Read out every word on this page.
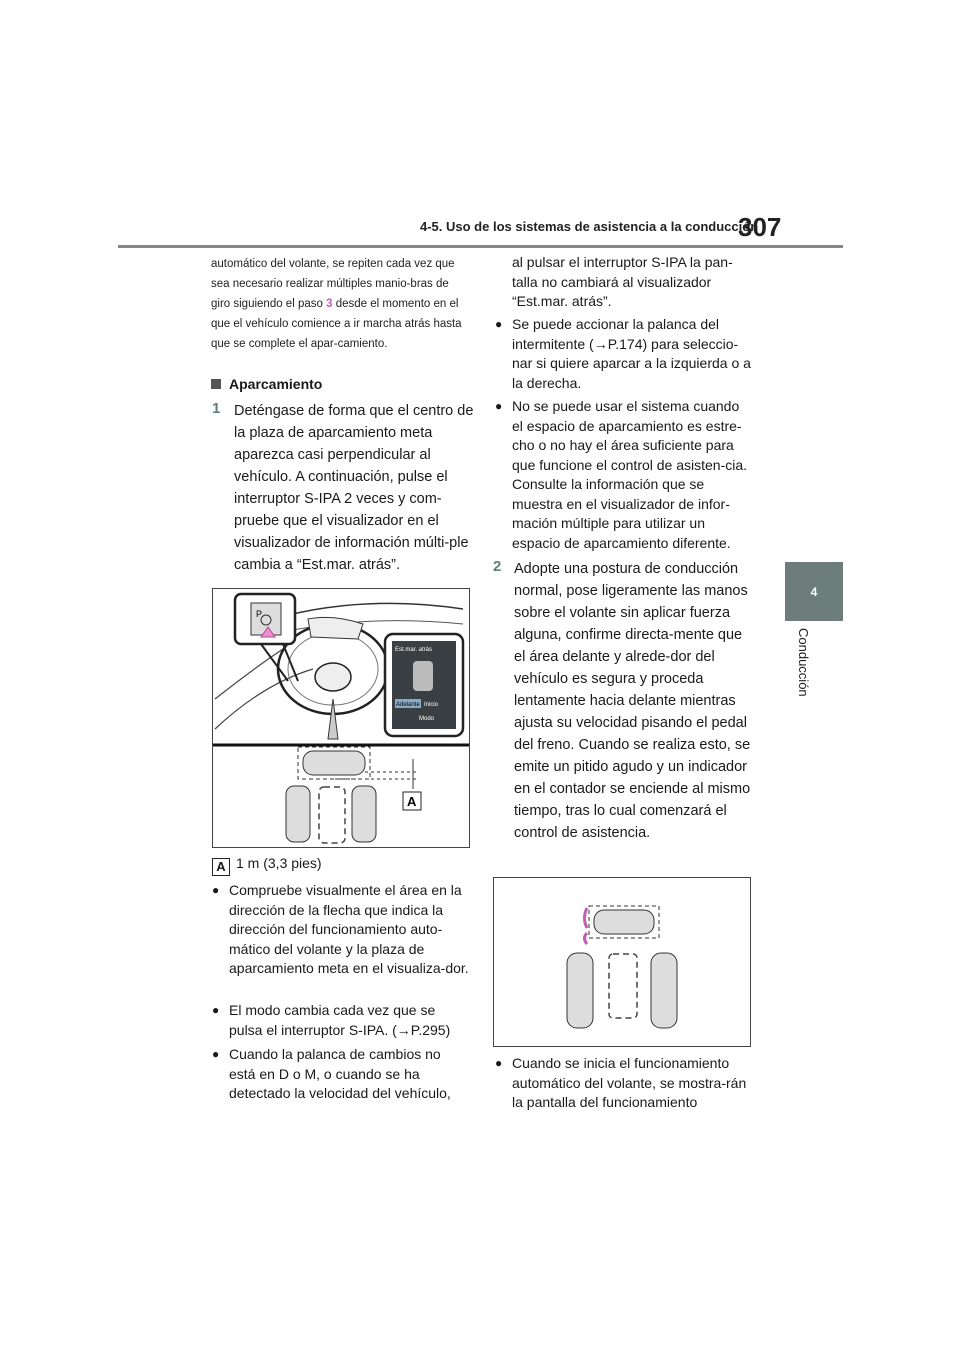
4-5. Uso de los sistemas de asistencia a la conducción
307
4
Conducción
automático del volante, se repiten cada vez que sea necesario realizar múltiples manio-bras de giro siguiendo el paso 3 desde el momento en el que el vehículo comience a ir marcha atrás hasta que se complete el apar-camiento.
Aparcamiento
1 Deténgase de forma que el centro de la plaza de aparcamiento meta aparezca casi perpendicular al vehículo. A continuación, pulse el interruptor S-IPA 2 veces y com-pruebe que el visualizador en el visualizador de información múlti-ple cambia a “Est.mar. atrás”.
P
Est.mar. atrás
Adelante Inicio
Modo
A
A 1 m (3,3 pies)
● Compruebe visualmente el área en la dirección de la flecha que indica la dirección del funcionamiento auto-mático del volante y la plaza de aparcamiento meta en el visualiza-dor.
● El modo cambia cada vez que se pulsa el interruptor S-IPA. (→P.295)
● Cuando la palanca de cambios no está en D o M, o cuando se ha detectado la velocidad del vehículo,
al pulsar el interruptor S-IPA la pan-talla no cambiará al visualizador “Est.mar. atrás”.
● Se puede accionar la palanca del intermitente (→P.174) para seleccio-nar si quiere aparcar a la izquierda o a la derecha.
● No se puede usar el sistema cuando el espacio de aparcamiento es estre-cho o no hay el área suficiente para que funcione el control de asisten-cia. Consulte la información que se muestra en el visualizador de infor-mación múltiple para utilizar un espacio de aparcamiento diferente.
2 Adopte una postura de conducción normal, pose ligeramente las manos sobre el volante sin aplicar fuerza alguna, confirme directa-mente que el área delante y alrede-dor del vehículo es segura y proceda lentamente hacia delante mientras ajusta su velocidad pisando el pedal del freno. Cuando se realiza esto, se emite un pitido agudo y un indicador en el contador se enciende al mismo tiempo, tras lo cual comenzará el control de asistencia.
● Cuando se inicia el funcionamiento automático del volante, se mostra-rán la pantalla del funcionamiento
